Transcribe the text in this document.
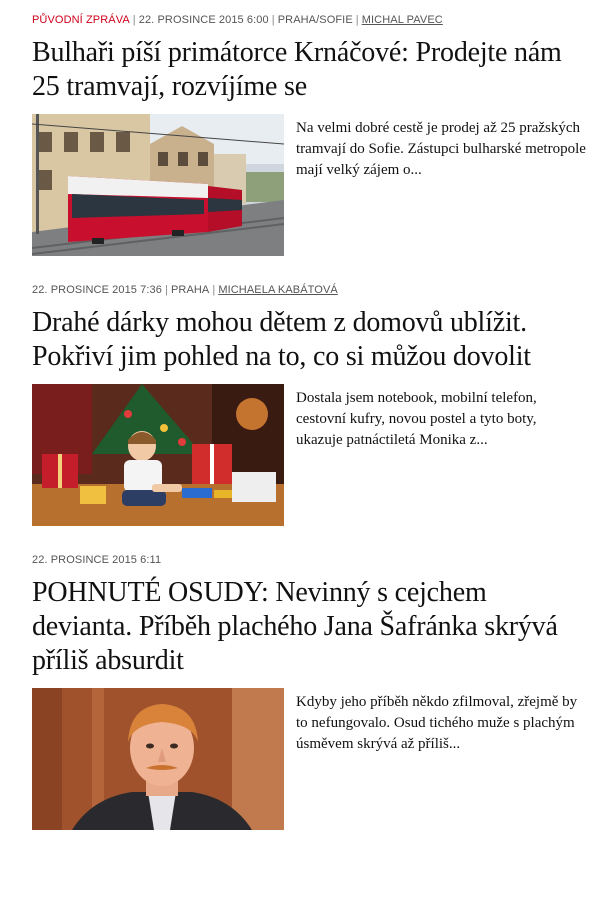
PŮVODNÍ ZPRÁVA | 22. PROSINCE 2015 6:00 | PRAHA/SOFIE | MICHAL PAVEC
Bulhaři píší primátorce Krnáčové: Prodejte nám 25 tramvají, rozvíjíme se

Na velmi dobré cestě je prodej až 25 pražských tramvají do Sofie. Zástupci bulharské metropole mají velký zájem o...

22. PROSINCE 2015 7:36 | PRAHA | MICHAELA KABÁTOVÁ
Drahé dárky mohou dětem z domovů ublížit. Pokřiví jim pohled na to, co si můžou dovolit

Dostala jsem notebook, mobilní telefon, cestovní kufry, novou postel a tyto boty, ukazuje patnáctiletá Monika z...

22. PROSINCE 2015 6:11
POHNUTÉ OSUDY: Nevinný s cejchem devianta. Příběh plachého Jana Šafránka skrývá příliš absurdit

Kdyby jeho příběh někdo zfilmoval, zřejmě by to nefungovalo. Osud tichého muže s plachým úsměvem skrývá až příliš...
